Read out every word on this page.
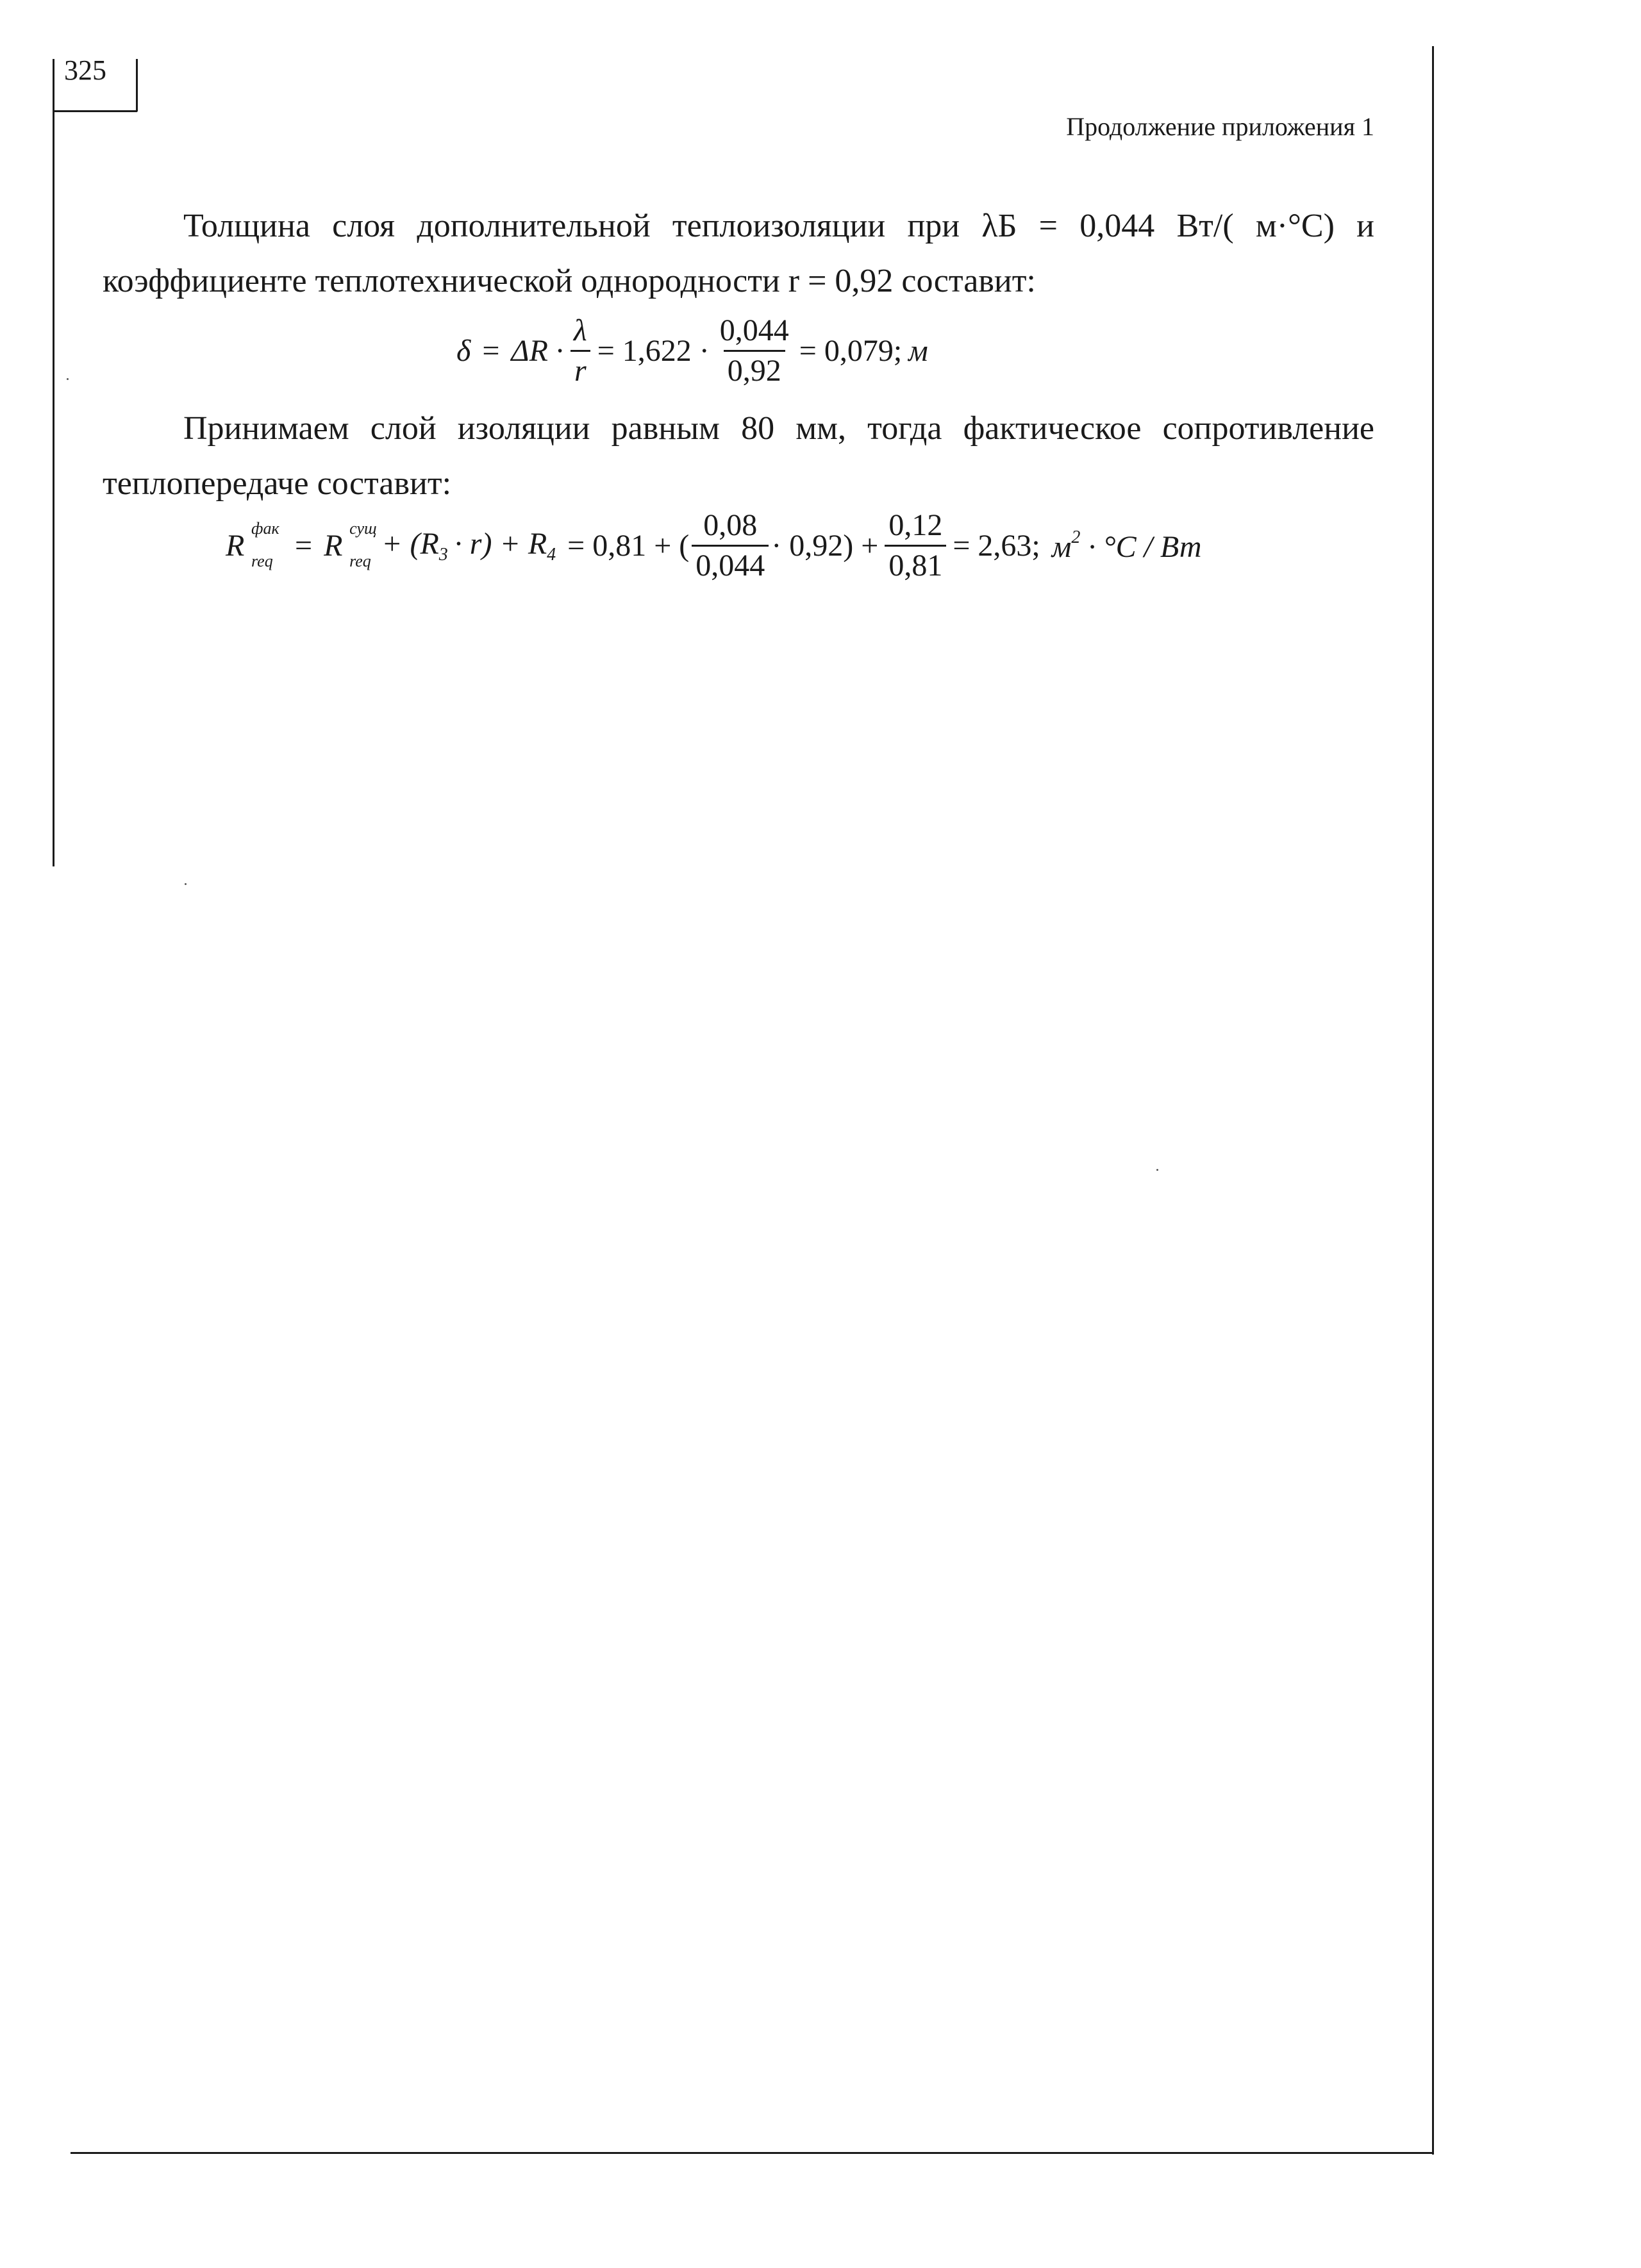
325
Продолжение приложения 1

Толщина слоя дополнительной теплоизоляции при λБ = 0,044 Вт/( м·°С) и
коэффициенте теплотехнической однородности r = 0,92 составит:

$\delta = \Delta R \cdot \frac{\lambda}{r} = 1,622 \cdot \frac{0,044}{0,92} = 0,079$; м

Принимаем слой изоляции равным 80 мм, тогда фактическое сопротивление
теплопередаче составит:

R
фак
req = R
сущ
req
+ $(R_3 \cdot r) + R_4 = 0,81$ + ( $\frac{0,08}{0,044} \cdot 0,92) + \frac{0,12}{0,81} = 2,63$; $м^2 \cdot ^\circ C$ / Вт
